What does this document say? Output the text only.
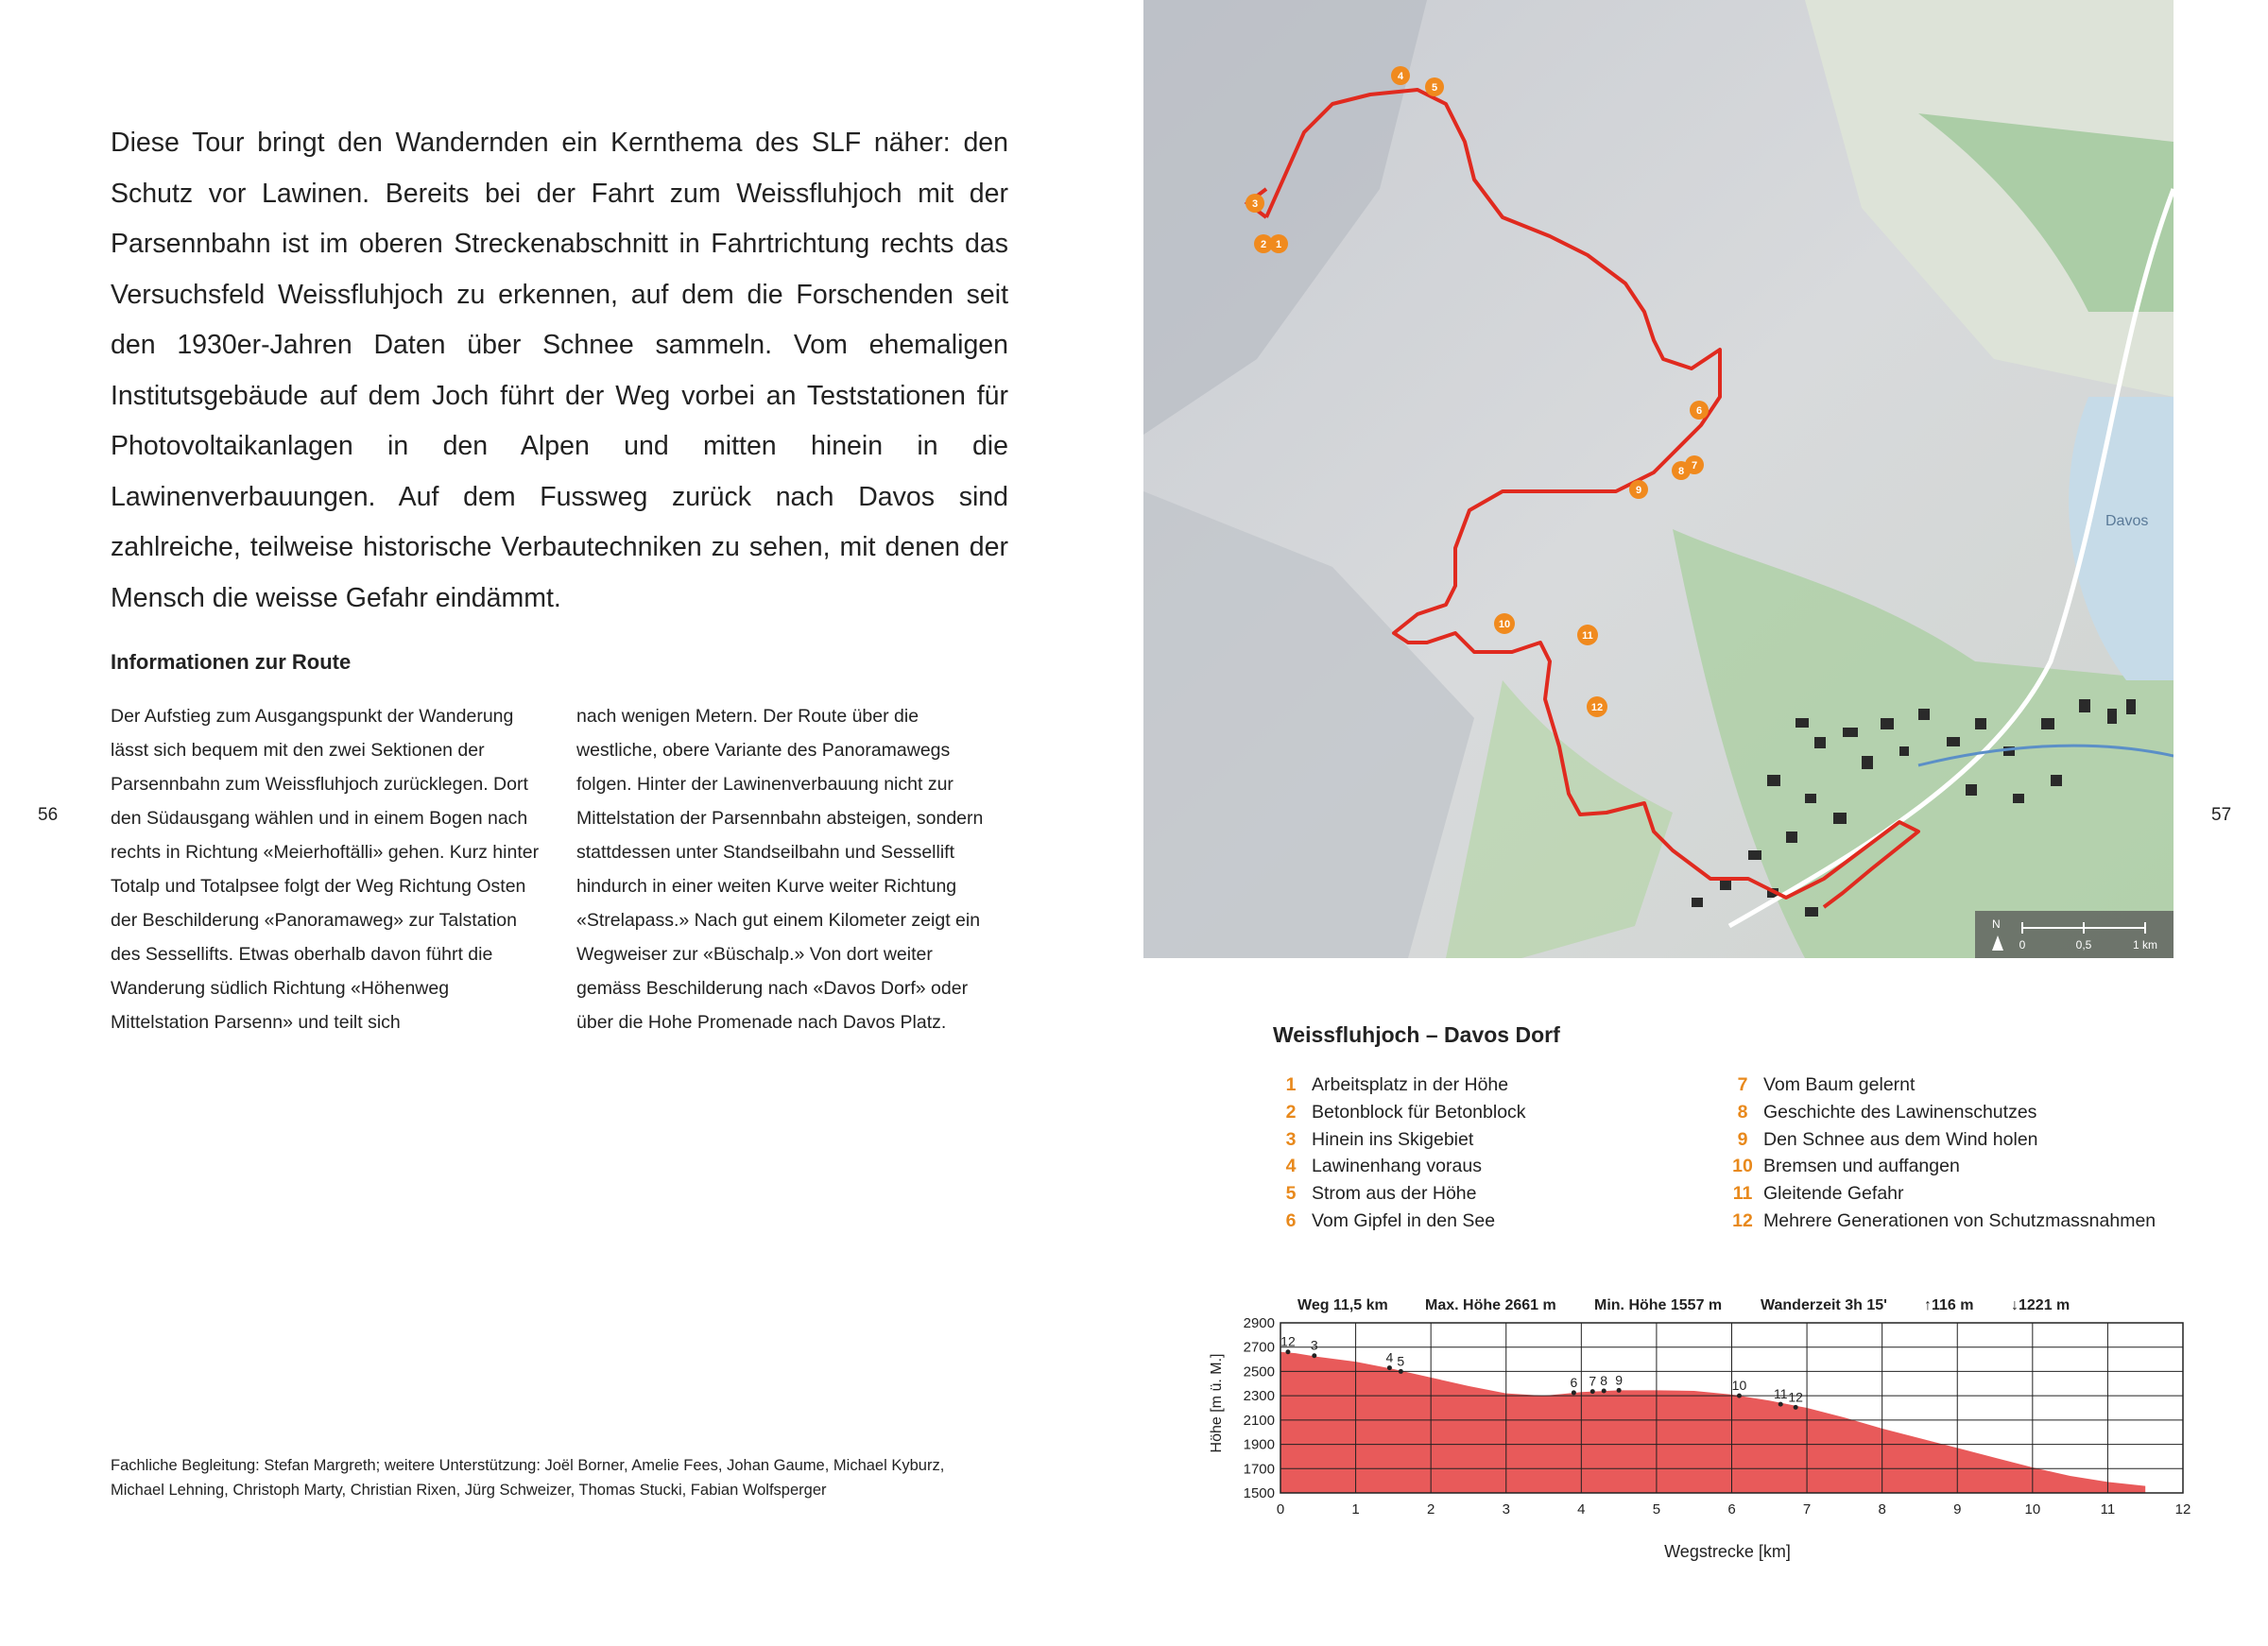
Diese Tour bringt den Wandernden ein Kernthema des SLF näher: den Schutz vor Lawinen. Bereits bei der Fahrt zum Weissfluhjoch mit der Parsennbahn ist im oberen Streckenabschnitt in Fahrtrichtung rechts das Versuchsfeld Weissfluhjoch zu erkennen, auf dem die Forschenden seit den 1930er-Jahren Daten über Schnee sammeln. Vom ehemaligen Institutsgebäude auf dem Joch führt der Weg vorbei an Teststationen für Photovoltaikanlagen in den Alpen und mitten hinein in die Lawinenverbauungen. Auf dem Fussweg zurück nach Davos sind zahlreiche, teilweise historische Verbautechniken zu sehen, mit denen der Mensch die weisse Gefahr eindämmt.

Informationen zur Route

Der Aufstieg zum Ausgangspunkt der Wanderung lässt sich bequem mit den zwei Sektionen der Parsennbahn zum Weissfluhjoch zurücklegen. Dort den Südausgang wählen und in einem Bogen nach rechts in Richtung «Meierhoftälli» gehen. Kurz hinter Totalp und Totalpsee folgt der Weg Richtung Osten der Beschilderung «Panoramaweg» zur Talstation des Sessellifts. Etwas oberhalb davon führt die Wanderung südlich Richtung «Höhenweg Mittelstation Parsenn» und teilt sich

nach wenigen Metern. Der Route über die westliche, obere Variante des Panoramawegs folgen. Hinter der Lawinenverbauung nicht zur Mittelstation der Parsennbahn absteigen, sondern stattdessen unter Standseilbahn und Sessellift hindurch in einer weiten Kurve weiter Richtung «Strelapass.» Nach gut einem Kilometer zeigt ein Wegweiser zur «Büschalp.» Von dort weiter gemäss Beschilderung nach «Davos Dorf» oder über die Hohe Promenade nach Davos Platz.

56

Fachliche Begleitung: Stefan Margreth; weitere Unterstützung: Joël Borner, Amelie Fees, Johan Gaume, Michael Kyburz, Michael Lehning, Christoph Marty, Christian Rixen, Jürg Schweizer, Thomas Stucki, Fabian Wolfsperger

Davos
1
2
3
4
5
6
7
8
9
10
11
12
N
0	0,5	1 km
57
Weissfluhjoch – Davos Dorf
1 Arbeitsplatz in der Höhe
2 Betonblock für Betonblock
3 Hinein ins Skigebiet
4 Lawinenhang voraus
5 Strom aus der Höhe
6 Vom Gipfel in den See
7 Vom Baum gelernt
8 Geschichte des Lawinenschutzes
9 Den Schnee aus dem Wind holen
10 Bremsen und auffangen
11 Gleitende Gefahr
12 Mehrere Generationen von Schutzmassnahmen
Weg 11,5 km Max. Höhe 2661 m	Min. Höhe 1557 m	Wanderzeit 3h 15' ↑116 m ↓1221 m
1500
1700
1900
2100
2300
2500
2700
2900
0	1	2	3	4	5	6	7	8	9	10	11	12
12 3
4 5
6 7 8 9	10
11 12
Höhe [m ü. M.]
Wegstrecke [km]
